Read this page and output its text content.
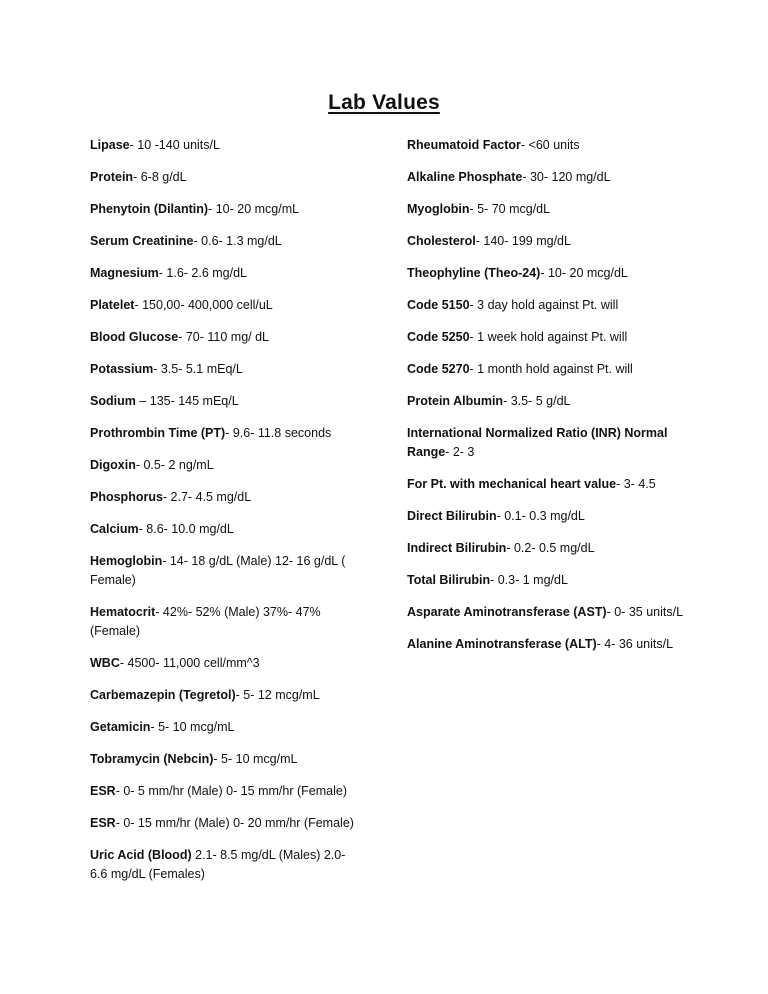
Lab Values
Lipase- 10 -140 units/L
Protein- 6-8 g/dL
Phenytoin (Dilantin)- 10- 20 mcg/mL
Serum Creatinine- 0.6- 1.3 mg/dL
Magnesium- 1.6- 2.6 mg/dL
Platelet- 150,00- 400,000 cell/uL
Blood Glucose- 70- 110 mg/ dL
Potassium- 3.5- 5.1 mEq/L
Sodium – 135- 145 mEq/L
Prothrombin Time (PT)- 9.6- 11.8 seconds
Digoxin- 0.5- 2 ng/mL
Phosphorus- 2.7- 4.5 mg/dL
Calcium- 8.6- 10.0 mg/dL
Hemoglobin- 14- 18 g/dL (Male) 12- 16 g/dL ( Female)
Hematocrit- 42%- 52% (Male) 37%- 47% (Female)
WBC- 4500- 11,000 cell/mm^3
Carbemazepin (Tegretol)- 5- 12 mcg/mL
Getamicin- 5- 10 mcg/mL
Tobramycin (Nebcin)- 5- 10 mcg/mL
ESR- 0- 5 mm/hr (Male) 0- 15 mm/hr (Female)
ESR- 0- 15 mm/hr (Male) 0- 20 mm/hr (Female)
Uric Acid (Blood) 2.1- 8.5 mg/dL (Males) 2.0- 6.6 mg/dL (Females)
Rheumatoid Factor- <60 units
Alkaline Phosphate- 30- 120 mg/dL
Myoglobin- 5- 70 mcg/dL
Cholesterol- 140- 199 mg/dL
Theophyline (Theo-24)- 10- 20 mcg/dL
Code 5150- 3 day hold against Pt. will
Code 5250- 1 week hold against Pt. will
Code 5270- 1 month hold against Pt. will
Protein Albumin- 3.5- 5 g/dL
International Normalized Ratio (INR) Normal Range- 2- 3
For Pt. with mechanical heart value- 3- 4.5
Direct Bilirubin- 0.1- 0.3 mg/dL
Indirect Bilirubin- 0.2- 0.5 mg/dL
Total Bilirubin- 0.3- 1 mg/dL
Asparate Aminotransferase (AST)- 0- 35 units/L
Alanine Aminotransferase (ALT)- 4- 36 units/L
